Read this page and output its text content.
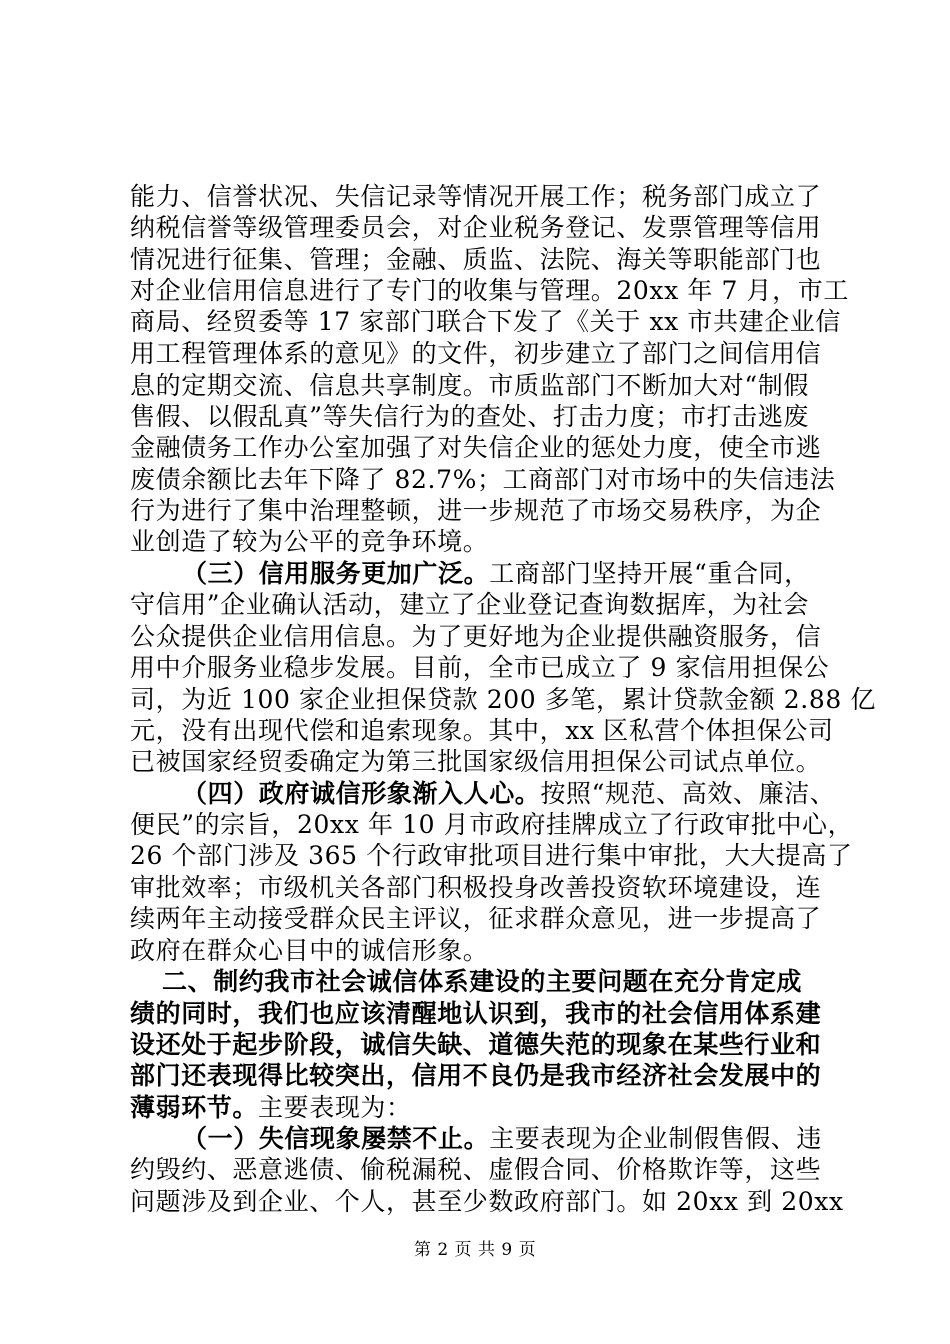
能力、信誉状况、失信记录等情况开展工作；税务部门成立了
纳税信誉等级管理委员会，对企业税务登记、发票管理等信用
情况进行征集、管理；金融、质监、法院、海关等职能部门也
对企业信用信息进行了专门的收集与管理。20xx 年 7 月，市工
商局、经贸委等 17 家部门联合下发了《关于 xx 市共建企业信
用工程管理体系的意见》的文件，初步建立了部门之间信用信
息的定期交流、信息共享制度。市质监部门不断加大对“制假
售假、以假乱真”等失信行为的查处、打击力度；市打击逃废
金融债务工作办公室加强了对失信企业的惩处力度，使全市逃
废债余额比去年下降了 82.7%；工商部门对市场中的失信违法
行为进行了集中治理整顿，进一步规范了市场交易秩序，为企
业创造了较为公平的竞争环境。
（三）信用服务更加广泛。工商部门坚持开展“重合同，
守信用”企业确认活动，建立了企业登记查询数据库，为社会
公众提供企业信用信息。为了更好地为企业提供融资服务，信
用中介服务业稳步发展。目前，全市已成立了 9 家信用担保公
司，为近 100 家企业担保贷款 200 多笔，累计贷款金额 2.88 亿
元，没有出现代偿和追索现象。其中，xx 区私营个体担保公司
已被国家经贸委确定为第三批国家级信用担保公司试点单位。
（四）政府诚信形象渐入人心。按照“规范、高效、廉洁、
便民”的宗旨，20xx 年 10 月市政府挂牌成立了行政审批中心，
26 个部门涉及 365 个行政审批项目进行集中审批，大大提高了
审批效率；市级机关各部门积极投身改善投资软环境建设，连
续两年主动接受群众民主评议，征求群众意见，进一步提高了
政府在群众心目中的诚信形象。
二、制约我市社会诚信体系建设的主要问题在充分肯定成
绩的同时，我们也应该清醒地认识到，我市的社会信用体系建
设还处于起步阶段，诚信失缺、道德失范的现象在某些行业和
部门还表现得比较突出，信用不良仍是我市经济社会发展中的
薄弱环节。主要表现为：
（一）失信现象屡禁不止。主要表现为企业制假售假、违
约毁约、恶意逃债、偷税漏税、虚假合同、价格欺诈等，这些
问题涉及到企业、个人，甚至少数政府部门。如 20xx 到 20xx
第 2 页 共 9 页
